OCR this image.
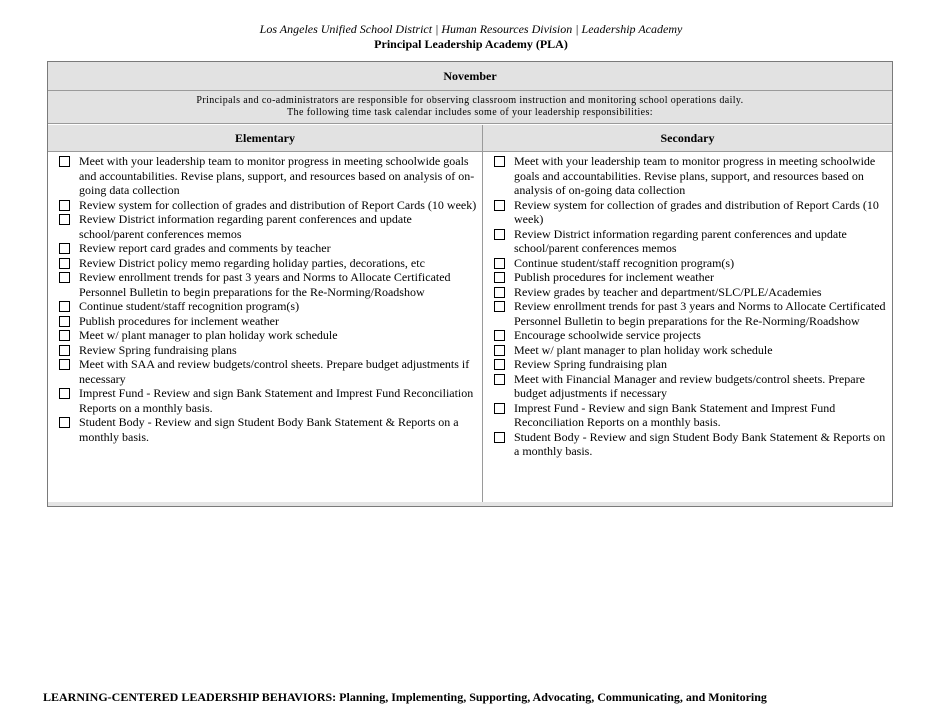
Los Angeles Unified School District | Human Resources Division | Leadership Academy
Principal Leadership Academy (PLA)
November
Principals and co-administrators are responsible for observing classroom instruction and monitoring school operations daily.
The following time task calendar includes some of your leadership responsibilities:
Elementary	Secondary
Meet with your leadership team to monitor progress in meeting schoolwide goals and accountabilities. Revise plans, support, and resources based on analysis of on-going data collection
Review system for collection of grades and distribution of Report Cards (10 week)
Review District information regarding parent conferences and update school/parent conferences memos
Review report card grades and comments by teacher
Review District policy memo regarding holiday parties, decorations, etc
Review enrollment trends for past 3 years and Norms to Allocate Certificated Personnel Bulletin to begin preparations for the Re-Norming/Roadshow
Continue student/staff recognition program(s)
Publish procedures for inclement weather
Meet w/ plant manager to plan holiday work schedule
Review Spring fundraising plans
Meet with SAA and review budgets/control sheets. Prepare budget adjustments if necessary
Imprest Fund - Review and sign Bank Statement and Imprest Fund Reconciliation Reports on a monthly basis.
Student Body - Review and sign Student Body Bank Statement & Reports on a monthly basis.
Meet with your leadership team to monitor progress in meeting schoolwide goals and accountabilities. Revise plans, support, and resources based on analysis of on-going data collection
Review system for collection of grades and distribution of Report Cards (10 week)
Review District information regarding parent conferences and update school/parent conferences memos
Continue student/staff recognition program(s)
Publish procedures for inclement weather
Review grades by teacher and department/SLC/PLE/Academies
Review enrollment trends for past 3 years and Norms to Allocate Certificated Personnel Bulletin to begin preparations for the Re-Norming/Roadshow
Encourage schoolwide service projects
Meet w/ plant manager to plan holiday work schedule
Review Spring fundraising plan
Meet with Financial Manager and review budgets/control sheets. Prepare budget adjustments if necessary
Imprest Fund - Review and sign Bank Statement and Imprest Fund Reconciliation Reports on a monthly basis.
Student Body - Review and sign Student Body Bank Statement & Reports on a monthly basis.
LEARNING-CENTERED LEADERSHIP BEHAVIORS: Planning, Implementing, Supporting, Advocating, Communicating, and Monitoring
